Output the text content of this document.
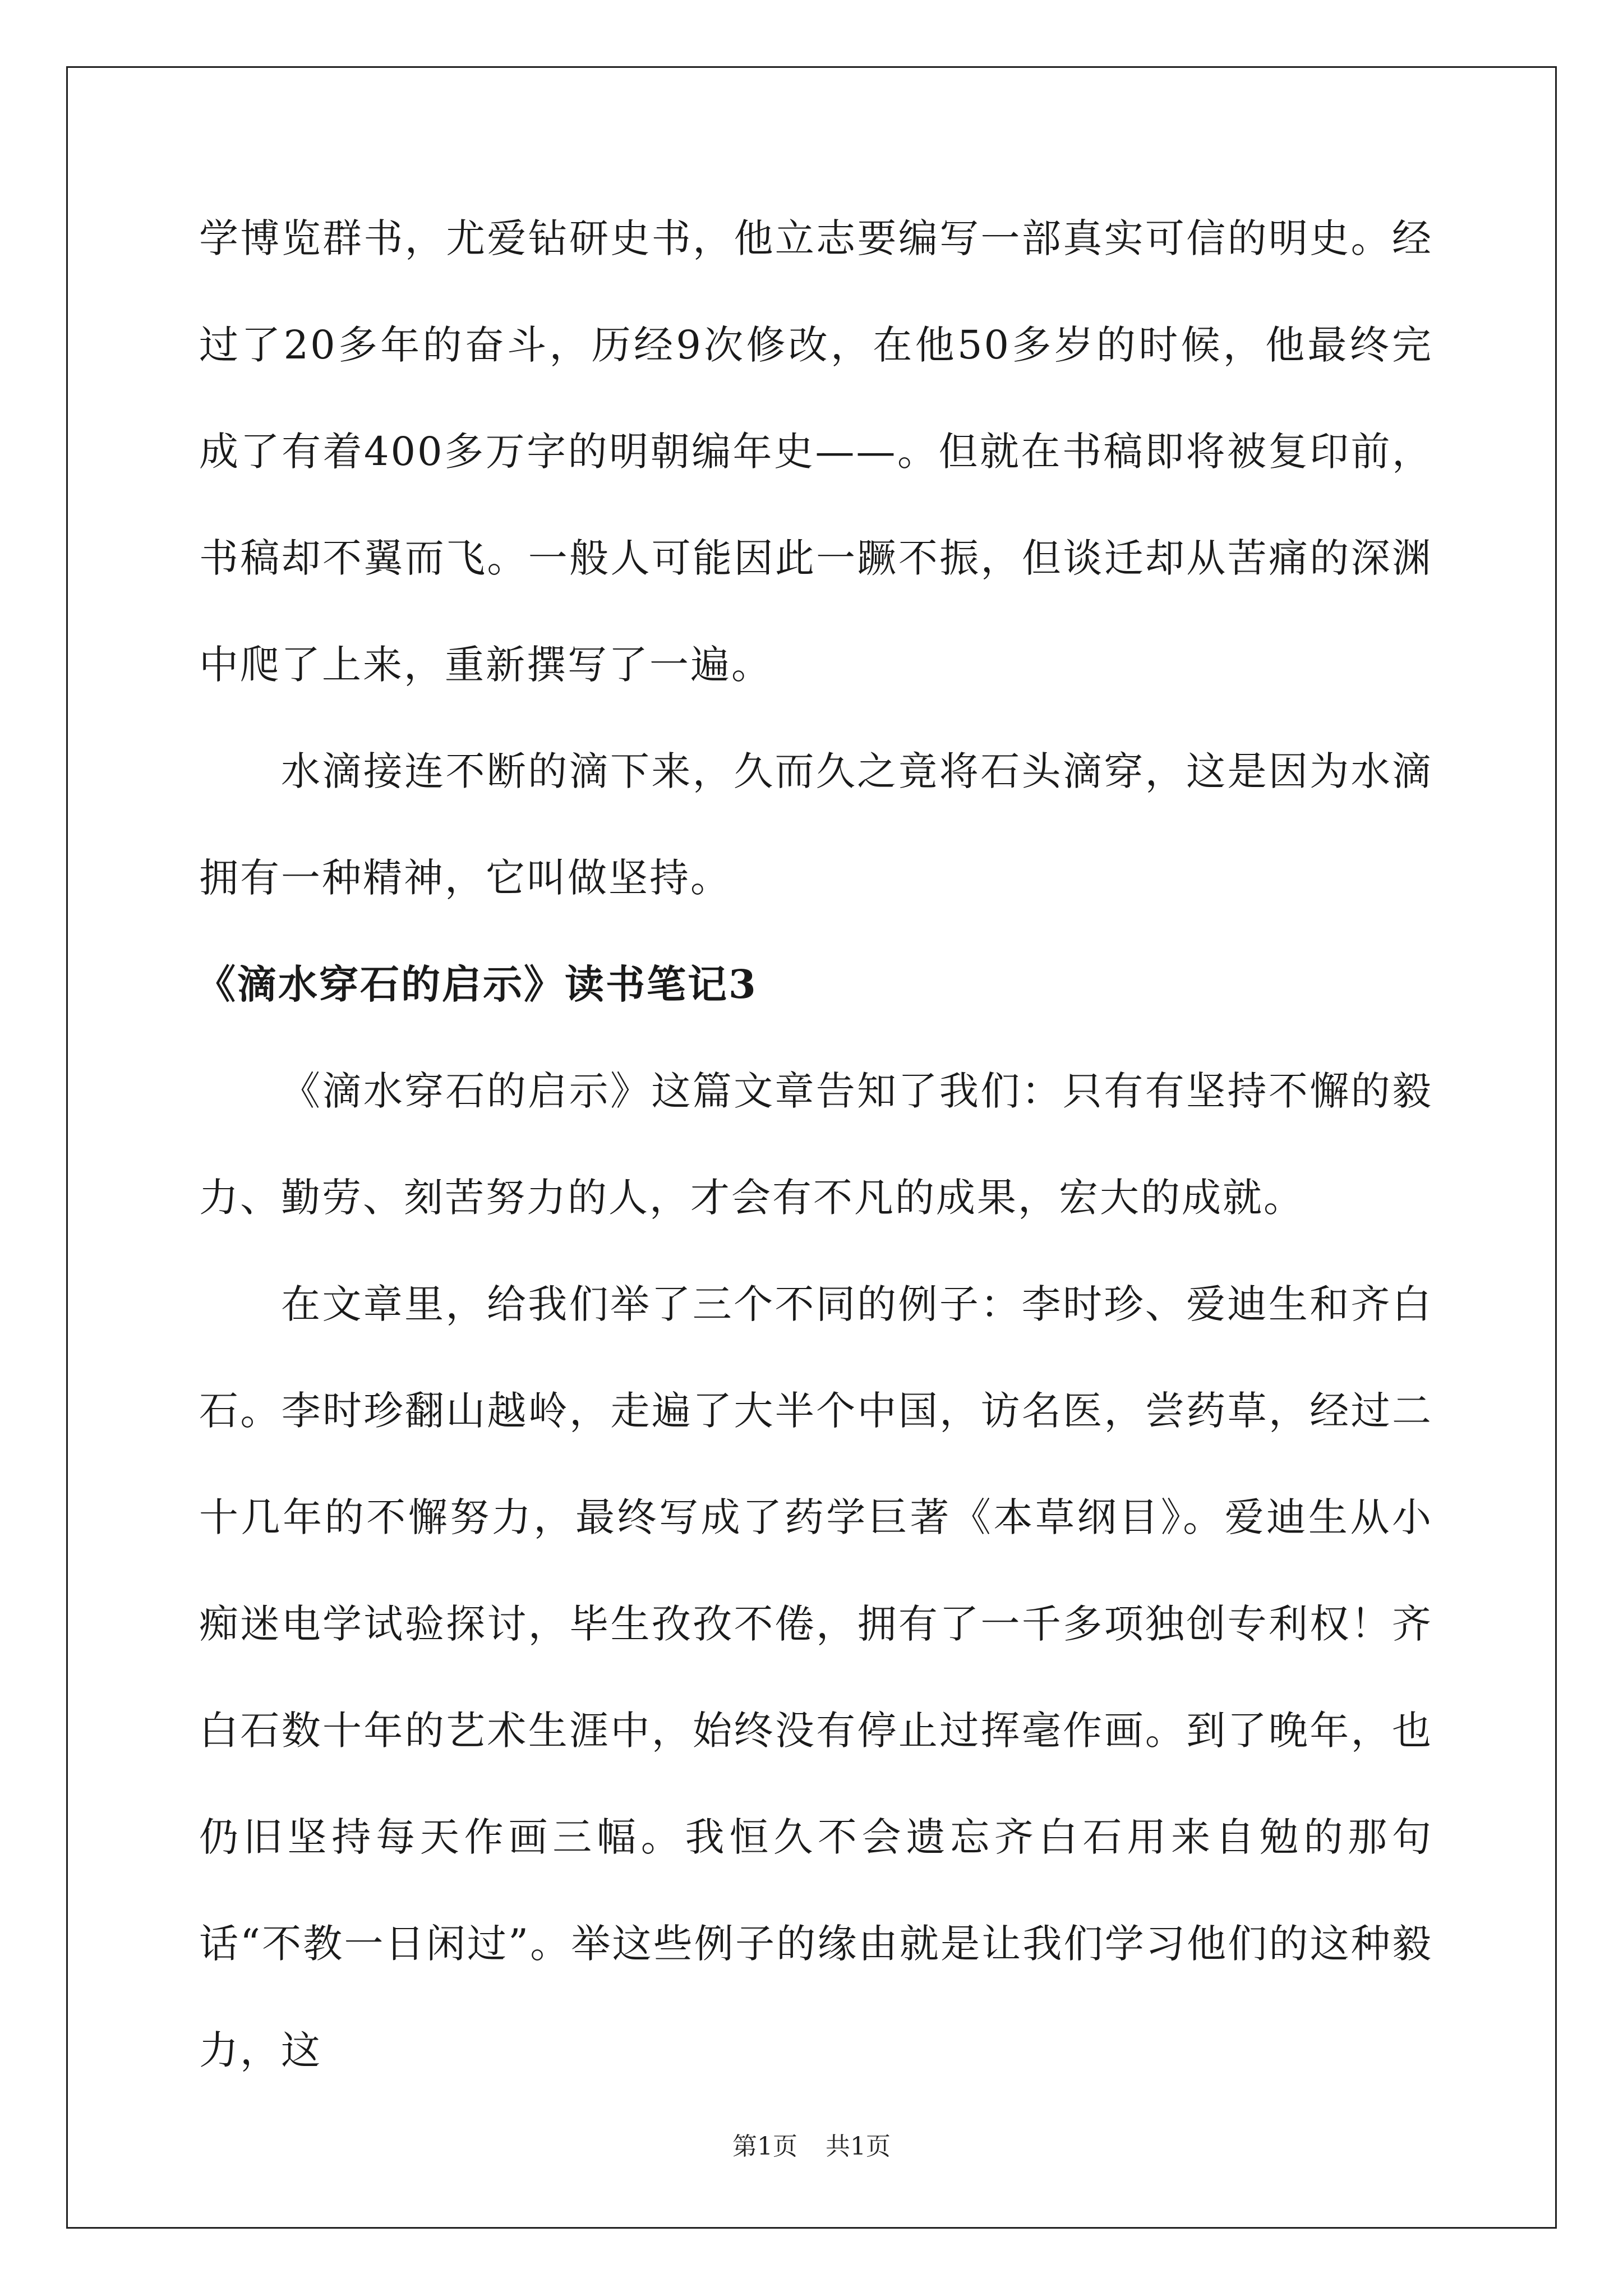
学博览群书，尤爱钻研史书，他立志要编写一部真实可信的明史。经过了20多年的奋斗，历经9次修改，在他50多岁的时候，他最终完成了有着400多万字的明朝编年史——。但就在书稿即将被复印前，书稿却不翼而飞。一般人可能因此一蹶不振，但谈迁却从苦痛的深渊中爬了上来，重新撰写了一遍。

水滴接连不断的滴下来，久而久之竟将石头滴穿，这是因为水滴拥有一种精神，它叫做坚持。

《滴水穿石的启示》读书笔记3

《滴水穿石的启示》这篇文章告知了我们：只有有坚持不懈的毅力、勤劳、刻苦努力的人，才会有不凡的成果，宏大的成就。

在文章里，给我们举了三个不同的例子：李时珍、爱迪生和齐白石。李时珍翻山越岭，走遍了大半个中国，访名医，尝药草，经过二十几年的不懈努力，最终写成了药学巨著《本草纲目》。爱迪生从小痴迷电学试验探讨，毕生孜孜不倦，拥有了一千多项独创专利权！齐白石数十年的艺术生涯中，始终没有停止过挥毫作画。到了晚年，也仍旧坚持每天作画三幅。我恒久不会遗忘齐白石用来自勉的那句话“不教一日闲过”。举这些例子的缘由就是让我们学习他们的这种毅力，这

第1页 共1页
